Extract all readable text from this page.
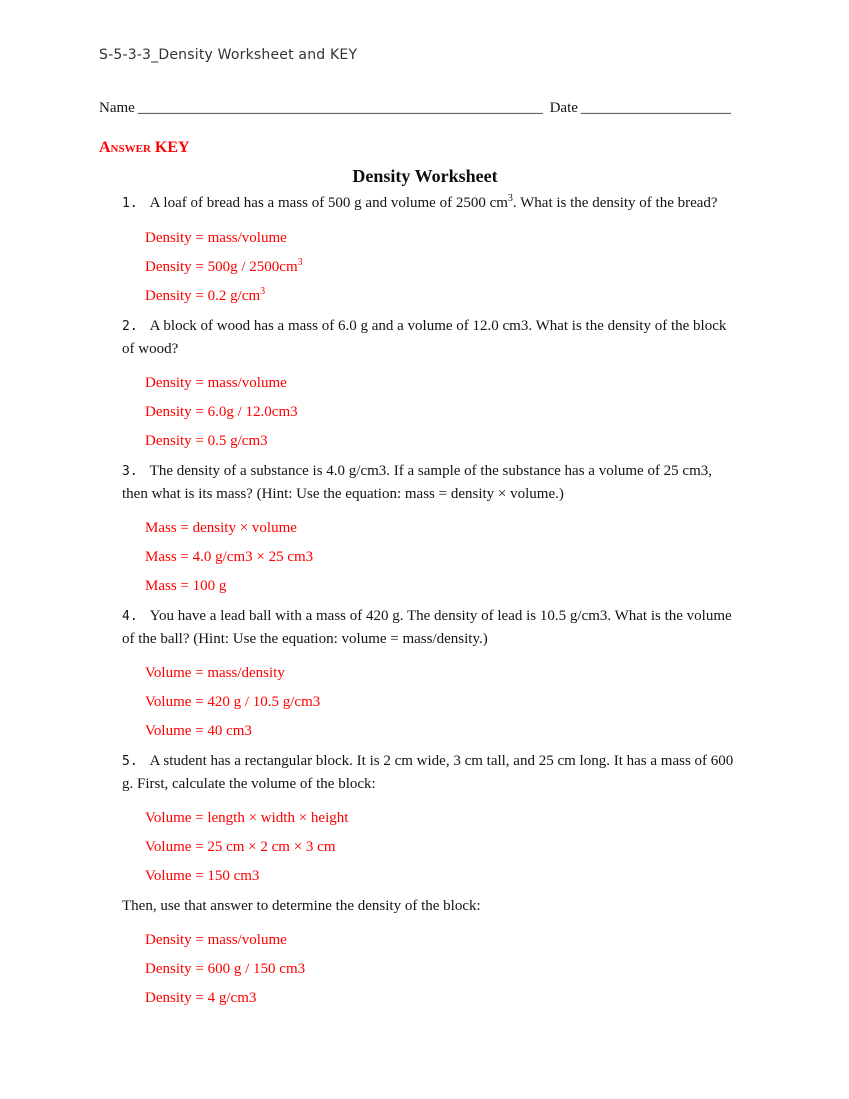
S-5-3-3_Density Worksheet and KEY
Name ______________________________________________________ Date ____________________
Answer KEY
Density Worksheet

1. A loaf of bread has a mass of 500 g and volume of 2500 $cm^3$. What is the density of the bread?

Density = mass/volume

Density = $500g / 2500cm^3$

Density = 0.2 $g/cm^3$

2. A block of wood has a mass of 6.0 g and a volume of 12.0 cm3. What is the density of the block of wood?

Density = mass/volume

Density = 6.0g / 12.0cm3

Density = 0.5 g/cm3

3. The density of a substance is 4.0 g/cm3. If a sample of the substance has a volume of 25 cm3, then what is its mass? (Hint: Use the equation: mass = density × volume.)

Mass = density × volume

Mass = 4.0 g/cm3 × 25 cm3

Mass = 100 g

4. You have a lead ball with a mass of 420 g. The density of lead is 10.5 g/cm3. What is the volume of the ball? (Hint: Use the equation: volume = mass/density.)

Volume = mass/density

Volume = 420 g / 10.5 g/cm3

Volume = 40 cm3

5. A student has a rectangular block. It is 2 cm wide, 3 cm tall, and 25 cm long. It has a mass of 600 g. First, calculate the volume of the block:

Volume = length × width × height

Volume = 25 cm × 2 cm × 3 cm

Volume = 150 cm3

Then, use that answer to determine the density of the block:

Density = mass/volume

Density = 600 g / 150 cm3

Density = 4 g/cm3
